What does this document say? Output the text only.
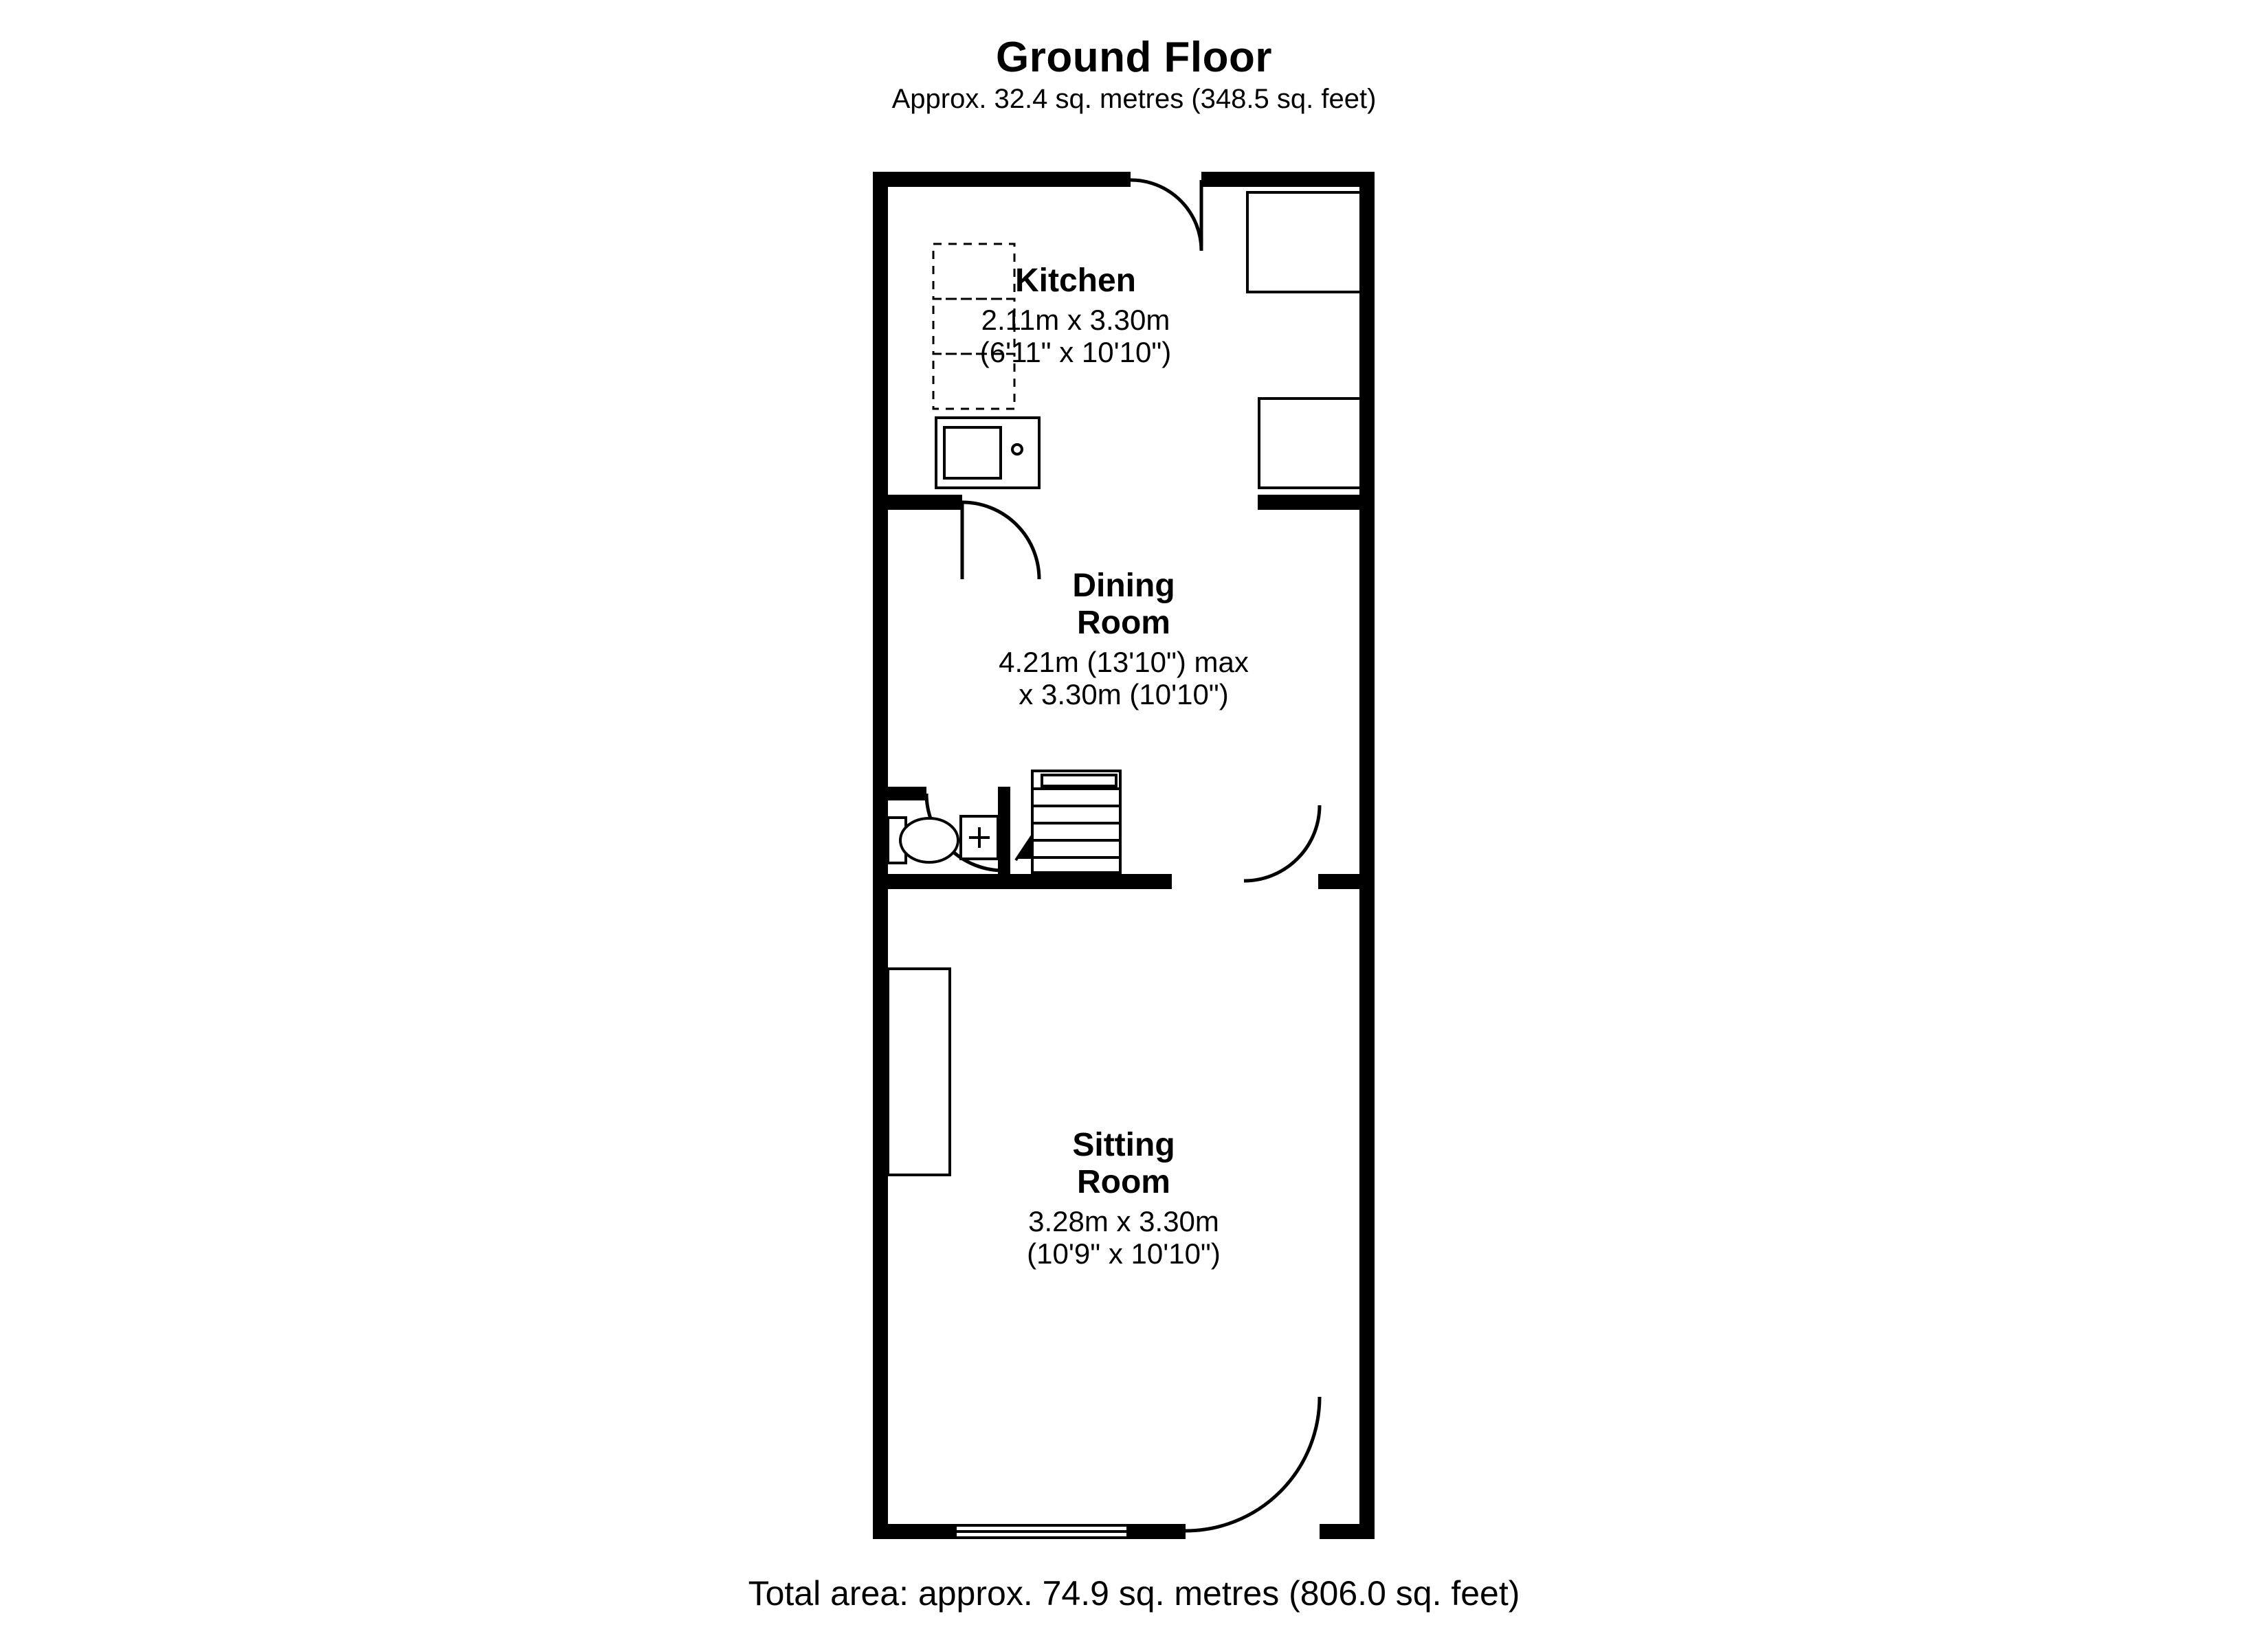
Ground Floor
Approx. 32.4 sq. metres (348.5 sq. feet)
Kitchen
2.11m x 3.30m
(6'11" x 10'10")
Dining
Room
4.21m (13'10") max
x 3.30m (10'10")
Sitting
Room
3.28m x 3.30m
(10'9" x 10'10")
Total area: approx. 74.9 sq. metres (806.0 sq. feet)
